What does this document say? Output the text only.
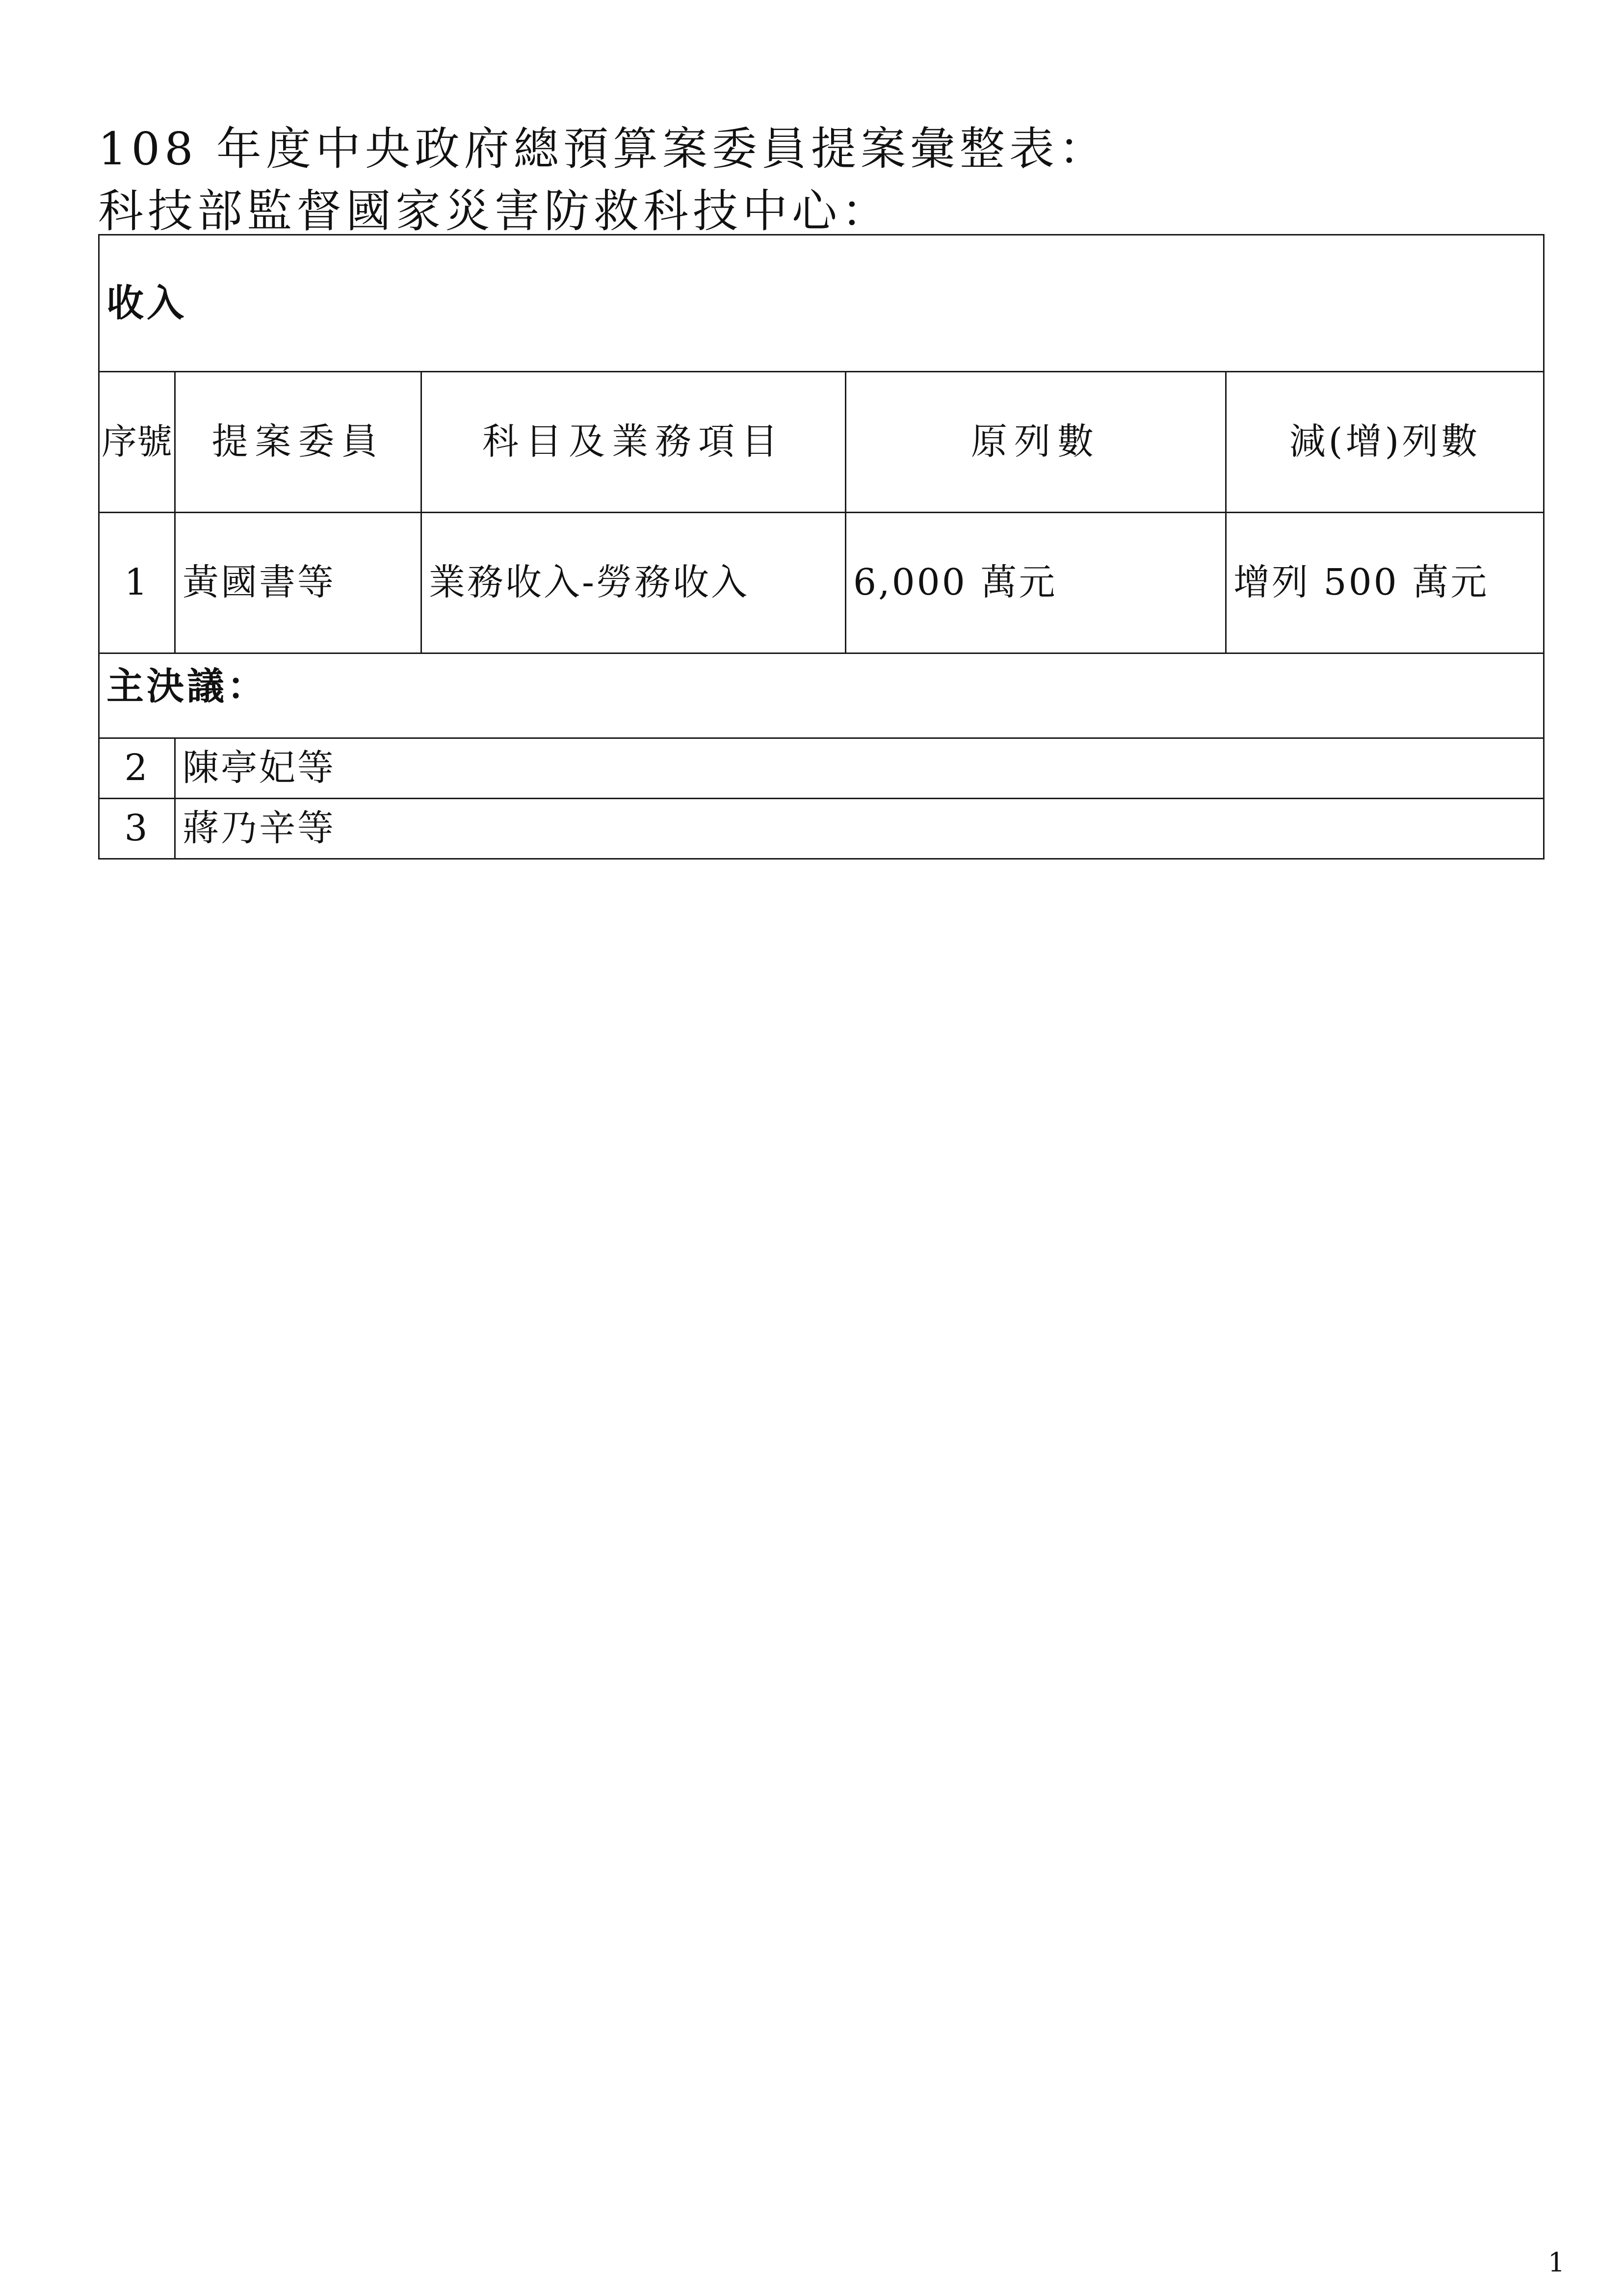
108 年度中央政府總預算案委員提案彙整表：
科技部監督國家災害防救科技中心：
收入				
序號	提案委員	科目及業務項目	原列數	減(增)列數
1	黃國書等	業務收入-勞務收入	6,000 萬元	增列 500 萬元
主決議：				
2	陳亭妃等			
3	蔣乃辛等			
1
